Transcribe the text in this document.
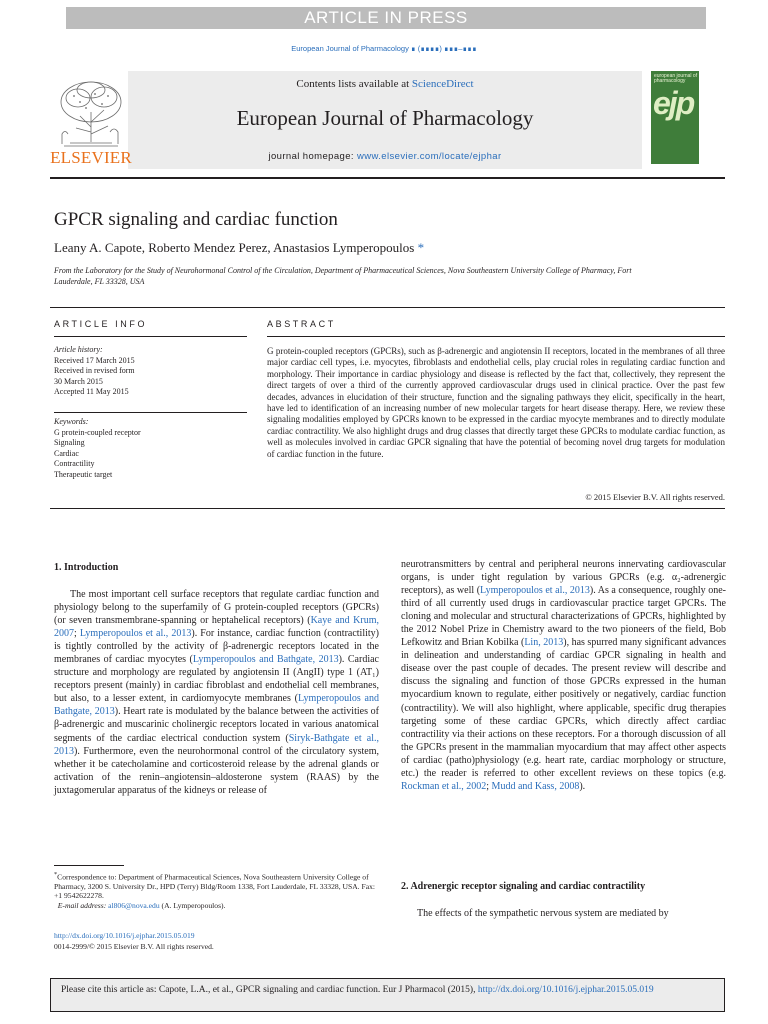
ARTICLE IN PRESS
European Journal of Pharmacology ∎ (∎∎∎∎) ∎∎∎–∎∎∎
ELSEVIER
Contents lists available at ScienceDirect
European Journal of Pharmacology
journal homepage: www.elsevier.com/locate/ejphar
european journal of pharmacology
ejp
GPCR signaling and cardiac function
Leany A. Capote, Roberto Mendez Perez, Anastasios Lymperopoulos *
From the Laboratory for the Study of Neurohormonal Control of the Circulation, Department of Pharmaceutical Sciences, Nova Southeastern University College of Pharmacy, Fort Lauderdale, FL 33328, USA
ARTICLE INFO
Article history:
Received 17 March 2015
Received in revised form
30 March 2015
Accepted 11 May 2015
Keywords:
G protein-coupled receptor
Signaling
Cardiac
Contractility
Therapeutic target
ABSTRACT
G protein-coupled receptors (GPCRs), such as β-adrenergic and angiotensin II receptors, located in the membranes of all three major cardiac cell types, i.e. myocytes, fibroblasts and endothelial cells, play crucial roles in regulating cardiac function and morphology. Their importance in cardiac physiology and disease is reflected by the fact that, collectively, they represent the direct targets of over a third of the currently approved cardiovascular drugs used in clinical practice. Over the past few decades, advances in elucidation of their structure, function and the signaling pathways they elicit, specifically in the heart, have led to identification of an increasing number of new molecular targets for heart disease therapy. Here, we review these signaling modalities employed by GPCRs known to be expressed in the cardiac myocyte membranes and to directly modulate cardiac contractility. We also highlight drugs and drug classes that directly target these GPCRs to modulate cardiac function, as well as molecules involved in cardiac GPCR signaling that have the potential of becoming novel drug targets for modulation of cardiac function in the future.
© 2015 Elsevier B.V. All rights reserved.
1. Introduction

The most important cell surface receptors that regulate cardiac function and physiology belong to the superfamily of G protein-coupled receptors (GPCRs) (or seven transmembrane-spanning or heptahelical receptors) (Kaye and Krum, 2007; Lymperopoulos et al., 2013). For instance, cardiac function (contractility) is tightly controlled by the activity of β-adrenergic receptors located in the membranes of cardiac myocytes (Lymperopoulos and Bathgate, 2013). Cardiac structure and morphology are regulated by angiotensin II (AngII) type 1 (AT₁) receptors present (mainly) in cardiac fibroblast and endothelial cell membranes, but also, to a lesser extent, in cardiomyocyte membranes (Lymperopoulos and Bathgate, 2013). Heart rate is modulated by the balance between the activities of β-adrenergic and muscarinic cholinergic receptors located in various anatomical segments of the cardiac electrical conduction system (Siryk-Bathgate et al., 2013). Furthermore, even the neurohormonal control of the circulatory system, whether it be catecholamine and corticosteroid release by the adrenal glands or activation of the renin–angiotensin–aldosterone system (RAAS) by the juxtagomerular apparatus of the kidneys or release of

neurotransmitters by central and peripheral neurons innervating cardiovascular organs, is under tight regulation by various GPCRs (e.g. α₂-adrenergic receptors), as well (Lymperopoulos et al., 2013). As a consequence, roughly one-third of all currently used drugs in cardiovascular practice target GPCRs. The cloning and molecular and structural characterizations of GPCRs, highlighted by the 2012 Nobel Prize in Chemistry award to the two pioneers of the field, Bob Lefkowitz and Brian Kobilka (Lin, 2013), has spurred many significant advances in delineation and understanding of cardiac GPCR signaling in health and disease over the past couple of decades. The present review will describe and discuss the signaling and function of those GPCRs expressed in the human myocardium known to regulate, either positively or negatively, cardiac function (contractility). We will also highlight, where applicable, specific drug therapies targeting some of these cardiac GPCRs, which directly affect cardiac contractility via their actions on these receptors. For a thorough discussion of all the GPCRs present in the mammalian myocardium that may affect other aspects of cardiac (patho)physiology (e.g. heart rate, cardiac morphology or structure, etc.) the reader is referred to other excellent reviews on these topics (e.g. Rockman et al., 2002; Mudd and Kass, 2008).

2. Adrenergic receptor signaling and cardiac contractility

The effects of the sympathetic nervous system are mediated by

*Correspondence to: Department of Pharmaceutical Sciences, Nova Southeastern University College of Pharmacy, 3200 S. University Dr., HPD (Terry) Bldg/Room 1338, Fort Lauderdale, FL 33328, USA. Fax: +1 9542622278.
E-mail address: al806@nova.edu (A. Lymperopoulos).
http://dx.doi.org/10.1016/j.ejphar.2015.05.019
0014-2999/© 2015 Elsevier B.V. All rights reserved.
Please cite this article as: Capote, L.A., et al., GPCR signaling and cardiac function. Eur J Pharmacol (2015), http://dx.doi.org/10.1016/j.ejphar.2015.05.019
